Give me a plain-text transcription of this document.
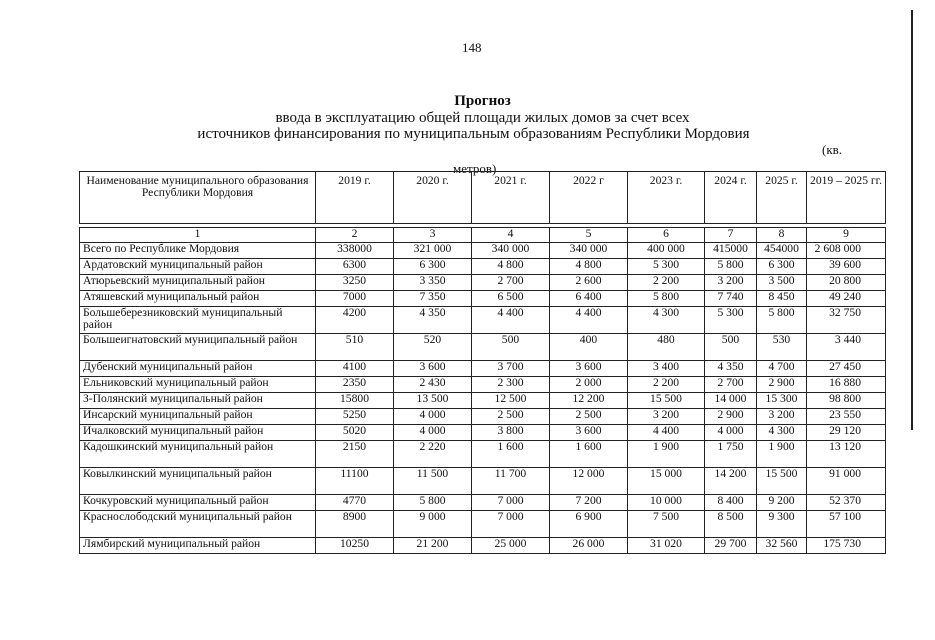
148
Прогноз
ввода в эксплуатацию общей площади жилых домов за счет всех
источников финансирования по муниципальным образованиям Республики Мордовия
(кв.
метров)
Наименование муниципального образования Республики Мордовия	2019 г.	2020 г.	2021 г.	2022 г	2023 г.	2024 г.	2025 г.	2019 – 2025 гг.

1	2	3	4	5	6	7	8	9
Всего по Республике Мордовия	338000	321 000	340 000	340 000	400 000	415000	454000	2 608 000
Ардатовский муниципальный район	6300	6 300	4 800	4 800	5 300	5 800	6 300	39 600
Атюрьевский муниципальный район	3250	3 350	2 700	2 600	2 200	3 200	3 500	20 800
Атяшевский муниципальный район	7000	7 350	6 500	6 400	5 800	7 740	8 450	49 240
Большеберезниковский муниципальный район	4200	4 350	4 400	4 400	4 300	5 300	5 800	32 750
Большеигнатовский муниципальный район	510	520	500	400	480	500	530	3 440
Дубенский муниципальный район	4100	3 600	3 700	3 600	3 400	4 350	4 700	27 450
Ельниковский муниципальный район	2350	2 430	2 300	2 000	2 200	2 700	2 900	16 880
З-Полянский муниципальный район	15800	13 500	12 500	12 200	15 500	14 000	15 300	98 800
Инсарский муниципальный район	5250	4 000	2 500	2 500	3 200	2 900	3 200	23 550
Ичалковский муниципальный район	5020	4 000	3 800	3 600	4 400	4 000	4 300	29 120
Кадошкинский муниципальный район	2150	2 220	1 600	1 600	1 900	1 750	1 900	13 120
Ковылкинский муниципальный район	11100	11 500	11 700	12 000	15 000	14 200	15 500	91 000
Кочкуровский муниципальный район	4770	5 800	7 000	7 200	10 000	8 400	9 200	52 370
Краснослободский муниципальный район	8900	9 000	7 000	6 900	7 500	8 500	9 300	57 100
Лямбирский муниципальный район	10250	21 200	25 000	26 000	31 020	29 700	32 560	175 730
